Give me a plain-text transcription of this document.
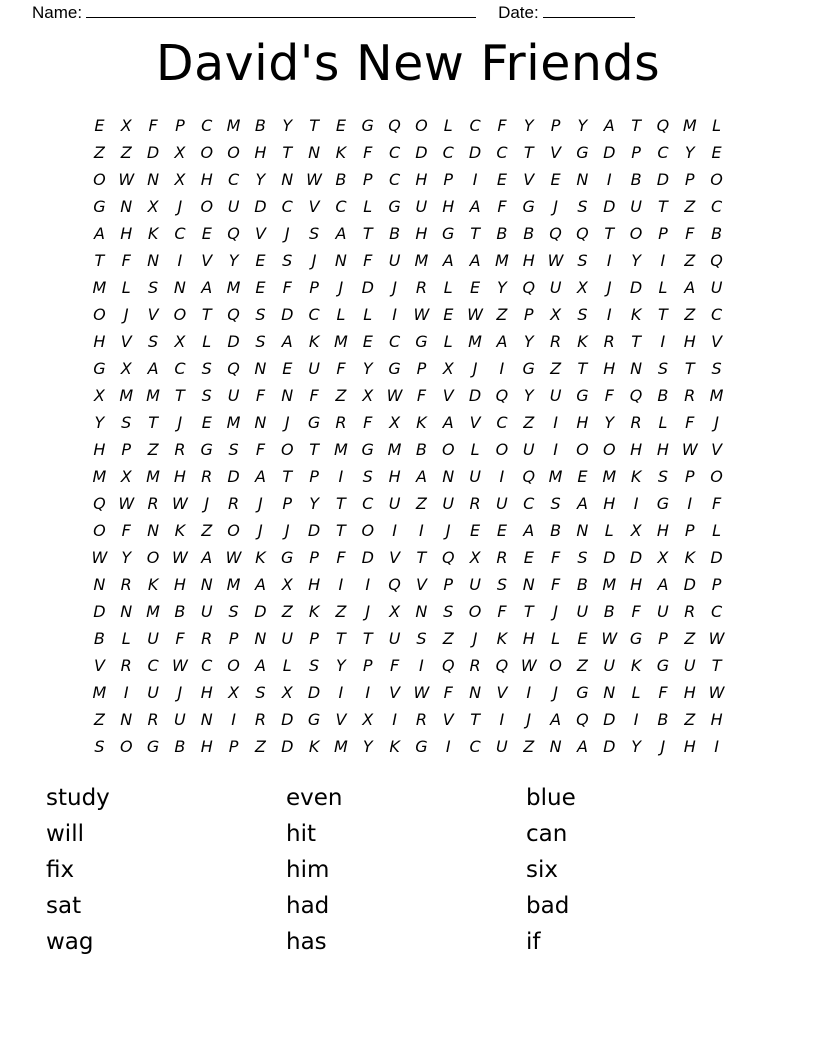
Name:	Date:
David's New Friends
E	X	F	P	C M B	Y	T	E G Q O	L	C	F	Y	P	Y	A	T Q M L
Z Z D X O O H T N K	F	C D C D C	T	V G D P	C	Y	E
O W N X H C	Y N W B	P	C H P	I	E	V	E N	I	B D P O
G N X	J	O U D C V C	L	G U H A	F	G	J	S D U	T	Z C
A H K	C	E Q V	J	S	A	T	B H G T	B B Q Q T O P	F	B
T	F	N	I	V	Y	E	S	J	N	F	U M A A M H W S	I	Y	I	Z Q
M L	S N A M E	F	P	J	D	J	R	L	E	Y Q U X	J	D	L	A U
O	J	V O T Q S D C	L	L	I	W E W Z	P	X	S	I	K	T	Z C
H V	S	X	L	D S	A	K M E	C G	L M A	Y	R	K	R	T	I	H V
G X A C	S Q N E U	F	Y G P	X	J	I	G Z	T H N S	T	S
X M M T	S U	F	N	F	Z X W F	V D Q Y	U G	F Q B R M
Y	S	T	J	E M N	J	G R	F	X	K	A V C Z	I	H Y	R	L	F	J
H P	Z R G S	F O T M G M B O	L	O U	I	O O H H W V
M X M H R D A	T	P	I	S H A N U	I	Q M E M K	S	P O
Q W R W	J	R	J	P	Y	T	C U Z U R U C	S	A H	I	G	I	F
O F	N K	Z O	J	J	D T O	I	I	J	E	E	A B N	L	X H P	L
W Y O W A W K G P	F	D V	T Q X R	E	F	S D D X	K D
N R	K H N M A X H	I	I	Q V	P	U S N	F	B M H A D P
D N M B U S D Z	K	Z	J	X N S O F	T	J	U B	F	U R C
B	L	U	F	R	P	N U	P	T	T	U S	Z	J	K H	L	E W G P	Z W
V R C W C O A	L	S	Y	P	F	I	Q R Q W O Z U K G U	T
M	I	U	J	H X	S	X D	I	I	V W F	N V	I	J	G N	L	F	H W
Z N R U N	I	R D G V X	I	R V	T	I	J	A Q D	I	B Z H
S O G B H	P	Z D K M Y	K G	I	C U Z N A D Y	J	H	I
study
will
fix
sat
wag
even
hit
him
had
has
blue
can
six
bad
if
